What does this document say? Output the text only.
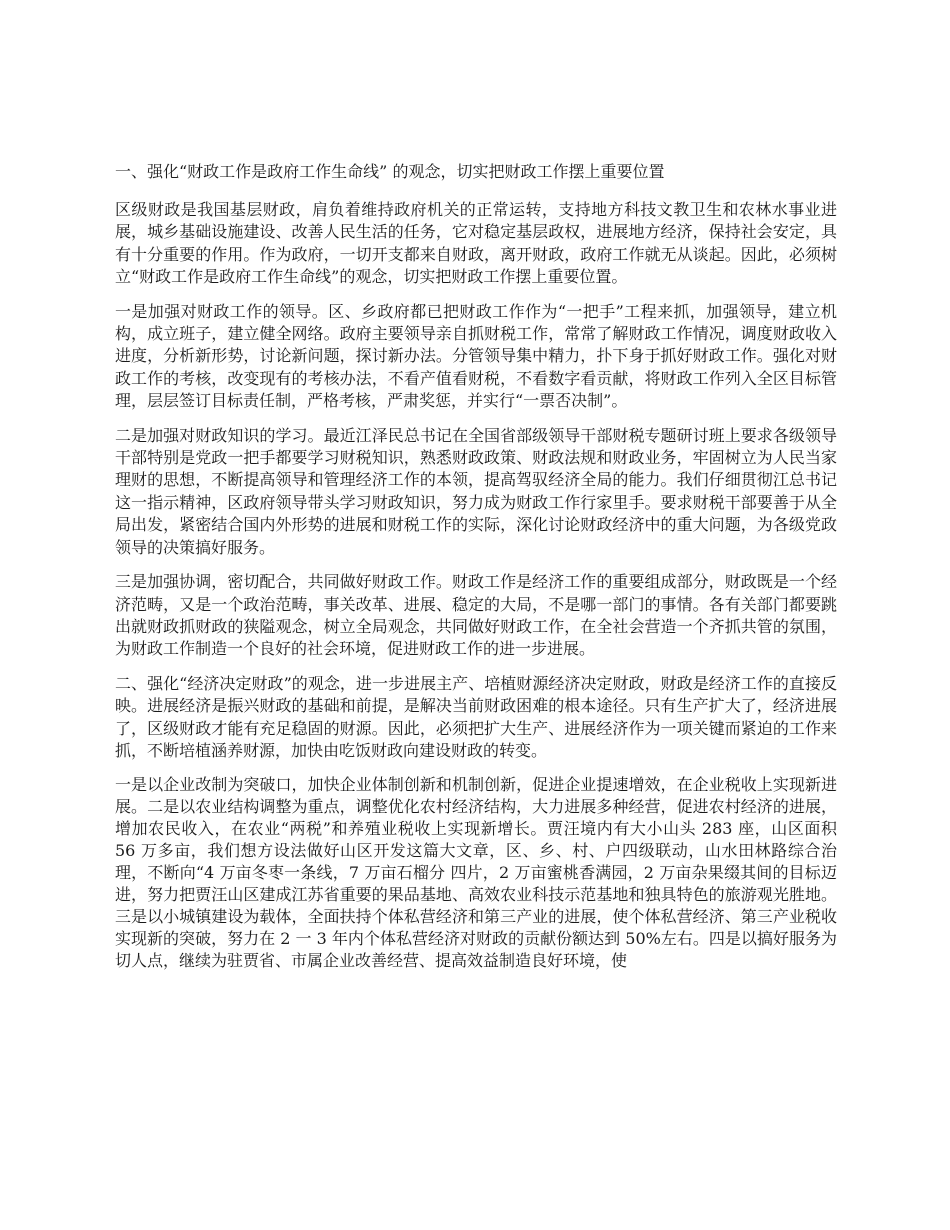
一、强化“财政工作是政府工作生命线” 的观念，切实把财政工作摆上重要位置

区级财政是我国基层财政，肩负着维持政府机关的正常运转，支持地方科技文教卫生和农林水事业进展，城乡基础设施建设、改善人民生活的任务，它对稳定基层政权，进展地方经济，保持社会安定，具有十分重要的作用。作为政府，一切开支都来自财政，离开财政，政府工作就无从谈起。因此，必须树立“财政工作是政府工作生命线”的观念，切实把财政工作摆上重要位置。

一是加强对财政工作的领导。区、乡政府都已把财政工作作为“一把手”工程来抓，加强领导，建立机构，成立班子，建立健全网络。政府主要领导亲自抓财税工作，常常了解财政工作情况，调度财政收入进度，分析新形势，讨论新问题，探讨新办法。分管领导集中精力，扑下身于抓好财政工作。强化对财政工作的考核，改变现有的考核办法，不看产值看财税，不看数字看贡献，将财政工作列入全区目标管理，层层签订目标责任制，严格考核，严肃奖惩，并实行“一票否决制”。

二是加强对财政知识的学习。最近江泽民总书记在全国省部级领导干部财税专题研讨班上要求各级领导干部特别是党政一把手都要学习财税知识，熟悉财政政策、财政法规和财政业务，牢固树立为人民当家理财的思想，不断提高领导和管理经济工作的本领，提高驾驭经济全局的能力。我们仔细贯彻江总书记这一指示精神，区政府领导带头学习财政知识，努力成为财政工作行家里手。要求财税干部要善于从全局出发，紧密结合国内外形势的进展和财税工作的实际，深化讨论财政经济中的重大问题，为各级党政领导的决策搞好服务。

三是加强协调，密切配合，共同做好财政工作。财政工作是经济工作的重要组成部分，财政既是一个经济范畴，又是一个政治范畴，事关改革、进展、稳定的大局，不是哪一部门的事情。各有关部门都要跳出就财政抓财政的狭隘观念，树立全局观念，共同做好财政工作，在全社会营造一个齐抓共管的氛围，为财政工作制造一个良好的社会环境，促进财政工作的进一步进展。

二、强化“经济决定财政”的观念，进一步进展主产、培植财源经济决定财政，财政是经济工作的直接反映。进展经济是振兴财政的基础和前提，是解决当前财政困难的根本途径。只有生产扩大了，经济进展了，区级财政才能有充足稳固的财源。因此，必须把扩大生产、进展经济作为一项关键而紧迫的工作来抓，不断培植涵养财源，加快由吃饭财政向建设财政的转变。

一是以企业改制为突破口，加快企业体制创新和机制创新，促进企业提速增效，在企业税收上实现新进展。二是以农业结构调整为重点，调整优化农村经济结构，大力进展多种经营，促进农村经济的进展，增加农民收入，在农业“两税”和养殖业税收上实现新增长。贾汪境内有大小山头 283 座，山区面积 56 万多亩，我们想方设法做好山区开发这篇大文章，区、乡、村、户四级联动，山水田林路综合治理，不断向“4 万亩冬枣一条线，7 万亩石榴分 四片，2 万亩蜜桃香满园，2 万亩杂果缀其间的目标迈进，努力把贾汪山区建成江苏省重要的果品基地、高效农业科技示范基地和独具特色的旅游观光胜地。三是以小城镇建设为载体，全面扶持个体私营经济和第三产业的进展，使个体私营经济、第三产业税收实现新的突破，努力在 2 一 3 年内个体私营经济对财政的贡献份额达到 50%左右。四是以搞好服务为切人点，继续为驻贾省、市属企业改善经营、提高效益制造良好环境，使
